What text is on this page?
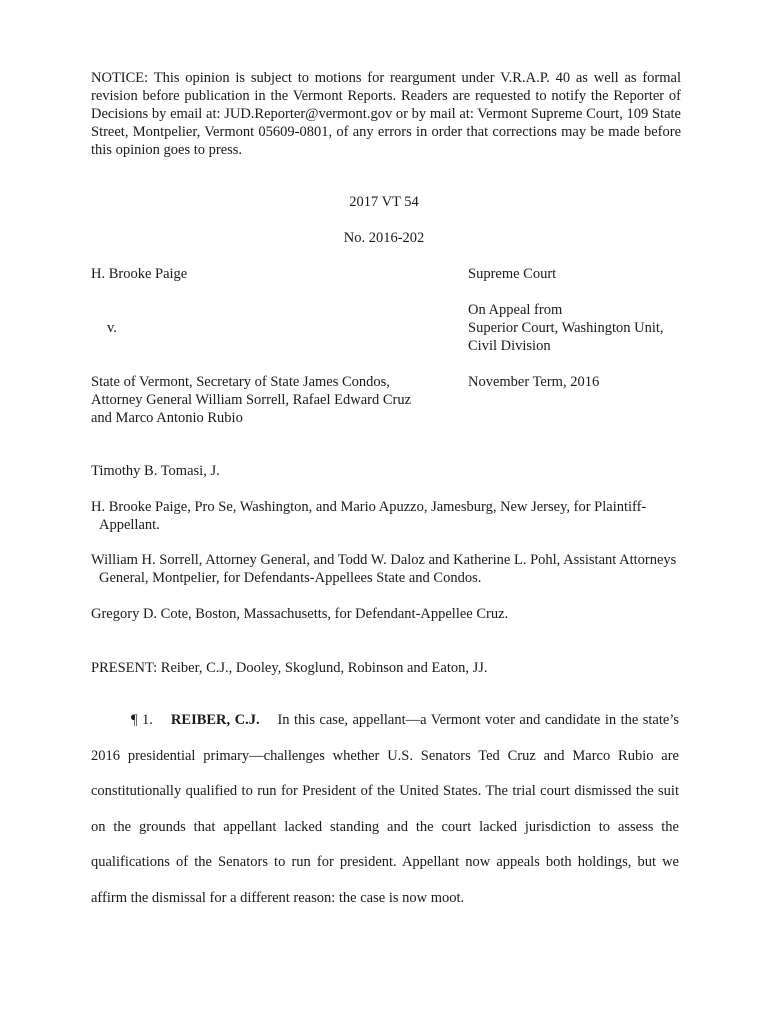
NOTICE: This opinion is subject to motions for reargument under V.R.A.P. 40 as well as formal revision before publication in the Vermont Reports. Readers are requested to notify the Reporter of Decisions by email at: JUD.Reporter@vermont.gov or by mail at: Vermont Supreme Court, 109 State Street, Montpelier, Vermont 05609-0801, of any errors in order that corrections may be made before this opinion goes to press.

2017 VT 54
No. 2016-202
H. Brooke Paige
v.
State of Vermont, Secretary of State James Condos,
Attorney General William Sorrell, Rafael Edward Cruz
and Marco Antonio Rubio
Supreme Court
On Appeal from
Superior Court, Washington Unit,
Civil Division
November Term, 2016
Timothy B. Tomasi, J.
H. Brooke Paige, Pro Se, Washington, and Mario Apuzzo, Jamesburg, New Jersey, for Plaintiff-Appellant.
William H. Sorrell, Attorney General, and Todd W. Daloz and Katherine L. Pohl, Assistant Attorneys General, Montpelier, for Defendants-Appellees State and Condos.
Gregory D. Cote, Boston, Massachusetts, for Defendant-Appellee Cruz.
PRESENT: Reiber, C.J., Dooley, Skoglund, Robinson and Eaton, JJ.

¶ 1. REIBER, C.J. In this case, appellant—a Vermont voter and candidate in the state’s 2016 presidential primary—challenges whether U.S. Senators Ted Cruz and Marco Rubio are constitutionally qualified to run for President of the United States. The trial court dismissed the suit on the grounds that appellant lacked standing and the court lacked jurisdiction to assess the qualifications of the Senators to run for president. Appellant now appeals both holdings, but we affirm the dismissal for a different reason: the case is now moot.
